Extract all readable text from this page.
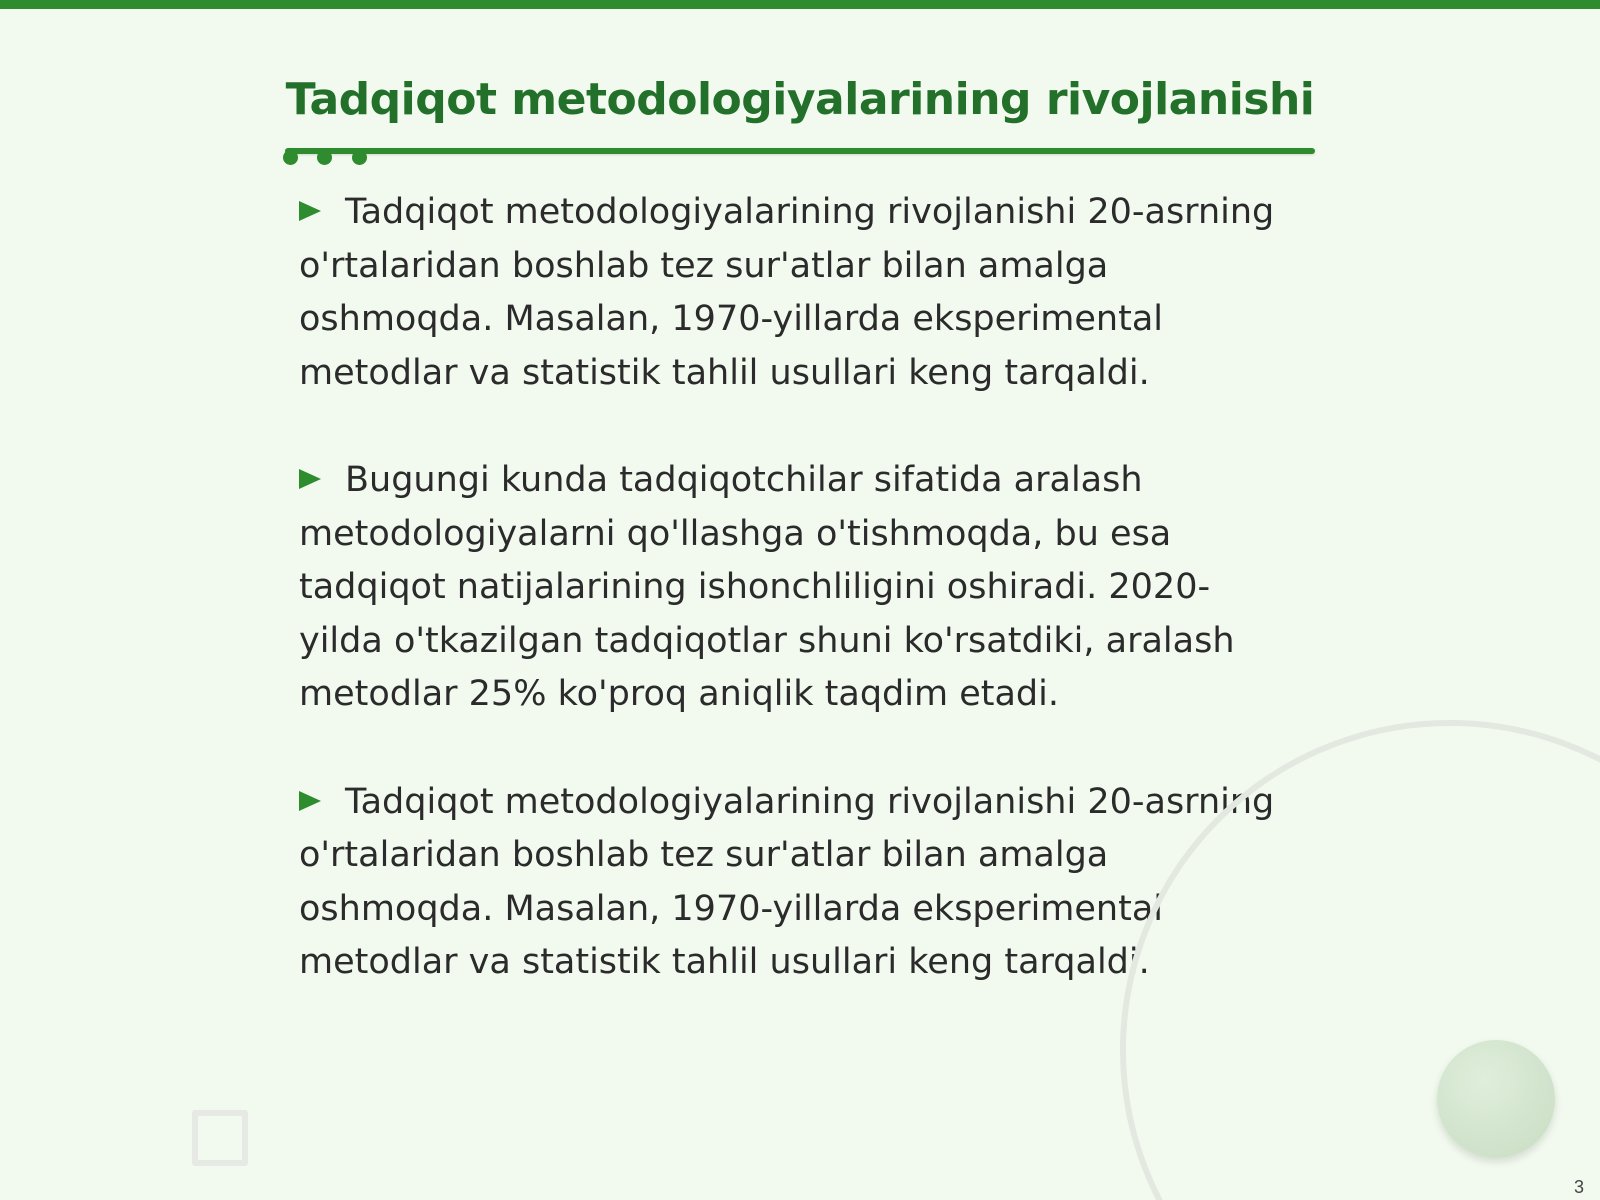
Tadqiqot metodologiyalarining rivojlanishi

Tadqiqot metodologiyalarining rivojlanishi 20-asrning o'rtalaridan boshlab tez sur'atlar bilan amalga oshmoqda. Masalan, 1970-yillarda eksperimental metodlar va statistik tahlil usullari keng tarqaldi.

Bugungi kunda tadqiqotchilar sifatida aralash metodologiyalarni qo'llashga o'tishmoqda, bu esa tadqiqot natijalarining ishonchliligini oshiradi. 2020-yilda o'tkazilgan tadqiqotlar shuni ko'rsatdiki, aralash metodlar 25% ko'proq aniqlik taqdim etadi.

Tadqiqot metodologiyalarining rivojlanishi 20-asrning o'rtalaridan boshlab tez sur'atlar bilan amalga oshmoqda. Masalan, 1970-yillarda eksperimental metodlar va statistik tahlil usullari keng tarqaldi.

3
